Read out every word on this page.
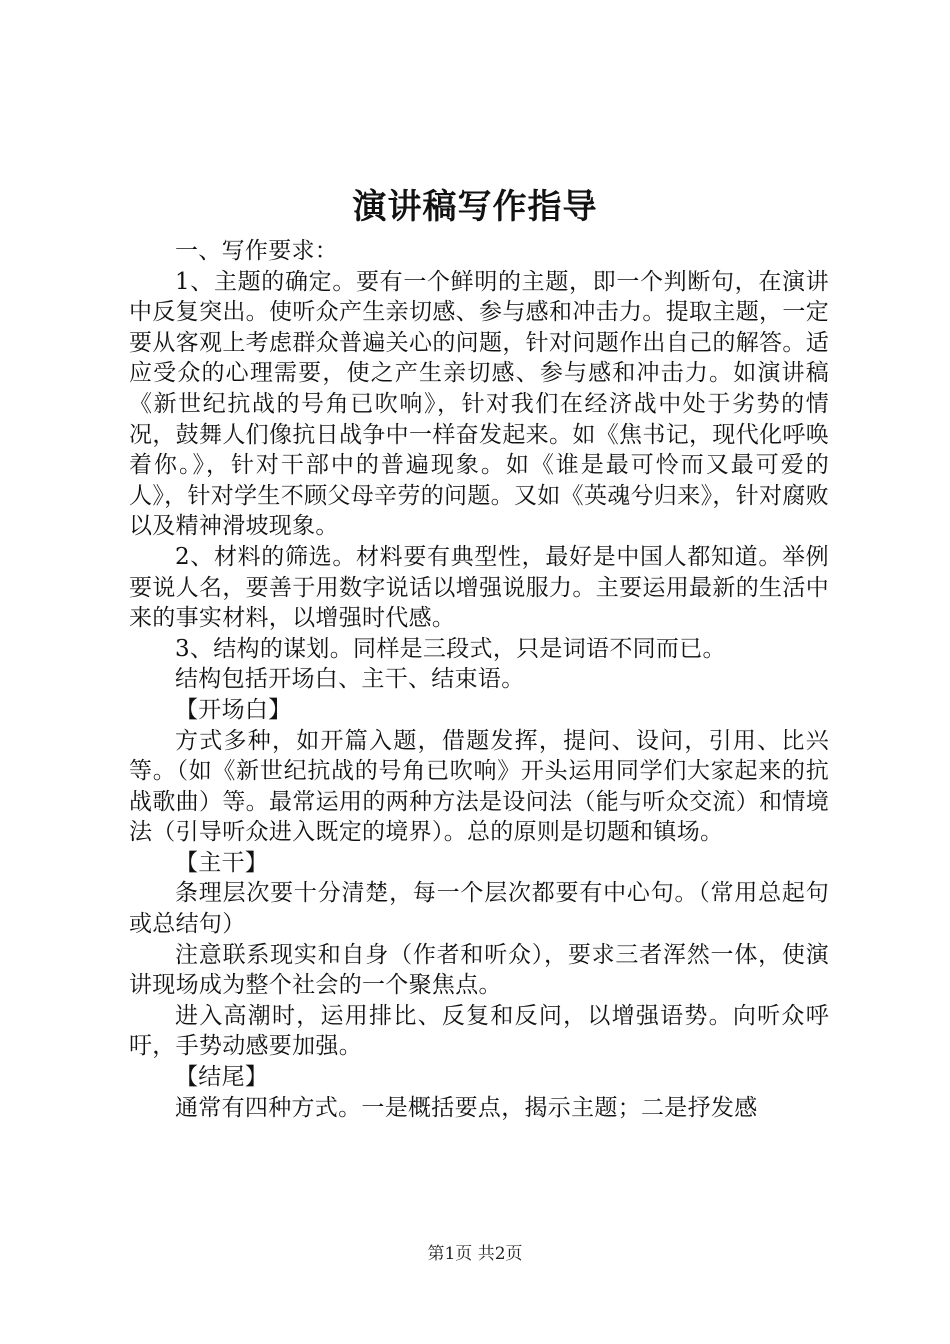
演讲稿写作指导

一、写作要求：

1、主题的确定。要有一个鲜明的主题，即一个判断句，在演讲中反复突出。使听众产生亲切感、参与感和冲击力。提取主题，一定要从客观上考虑群众普遍关心的问题，针对问题作出自己的解答。适应受众的心理需要，使之产生亲切感、参与感和冲击力。如演讲稿《新世纪抗战的号角已吹响》，针对我们在经济战中处于劣势的情况，鼓舞人们像抗日战争中一样奋发起来。如《焦书记，现代化呼唤着你。》，针对干部中的普遍现象。如《谁是最可怜而又最可爱的人》，针对学生不顾父母辛劳的问题。又如《英魂兮归来》，针对腐败以及精神滑坡现象。

2、材料的筛选。材料要有典型性，最好是中国人都知道。举例要说人名，要善于用数字说话以增强说服力。主要运用最新的生活中来的事实材料，以增强时代感。

3、结构的谋划。同样是三段式，只是词语不同而已。

结构包括开场白、主干、结束语。

【开场白】

方式多种，如开篇入题，借题发挥，提问、设问，引用、比兴等。（如《新世纪抗战的号角已吹响》开头运用同学们大家起来的抗战歌曲）等。最常运用的两种方法是设问法（能与听众交流）和情境法（引导听众进入既定的境界）。总的原则是切题和镇场。

【主干】

条理层次要十分清楚，每一个层次都要有中心句。（常用总起句或总结句）

注意联系现实和自身（作者和听众），要求三者浑然一体，使演讲现场成为整个社会的一个聚焦点。

进入高潮时，运用排比、反复和反问，以增强语势。向听众呼吁，手势动感要加强。

【结尾】

通常有四种方式。一是概括要点，揭示主题；二是抒发感

第1页 共2页
